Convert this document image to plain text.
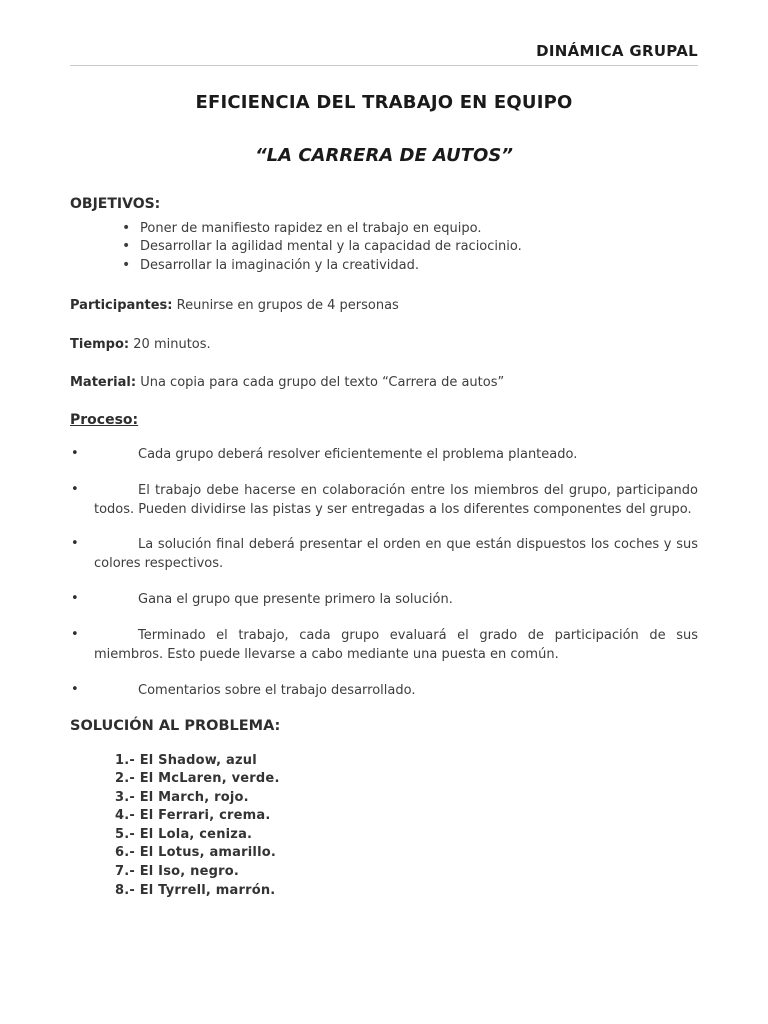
DINÁMICA GRUPAL
EFICIENCIA DEL TRABAJO EN EQUIPO
“LA CARRERA DE AUTOS”
OBJETIVOS:
• Poner de manifiesto rapidez en el trabajo en equipo.
• Desarrollar la agilidad mental y la capacidad de raciocinio.
• Desarrollar la imaginación y la creatividad.

Participantes: Reunirse en grupos de 4 personas

Tiempo: 20 minutos.

Material: Una copia para cada grupo del texto “Carrera de autos”

Proceso:
•	Cada grupo deberá resolver eficientemente el problema planteado.
•	El trabajo debe hacerse en colaboración entre los miembros del grupo, participando todos. Pueden dividirse las pistas y ser entregadas a los diferentes componentes del grupo.
•	La solución final deberá presentar el orden en que están dispuestos los coches y sus colores respectivos.
•	Gana el grupo que presente primero la solución.
•	Terminado el trabajo, cada grupo evaluará el grado de participación de sus miembros. Esto puede llevarse a cabo mediante una puesta en común.
•	Comentarios sobre el trabajo desarrollado.
SOLUCIÓN AL PROBLEMA:
1.- El Shadow, azul
2.- El McLaren, verde.
3.- El March, rojo.
4.- El Ferrari, crema.
5.- El Lola, ceniza.
6.- El Lotus, amarillo.
7.- El Iso, negro.
8.- El Tyrrell, marrón.
